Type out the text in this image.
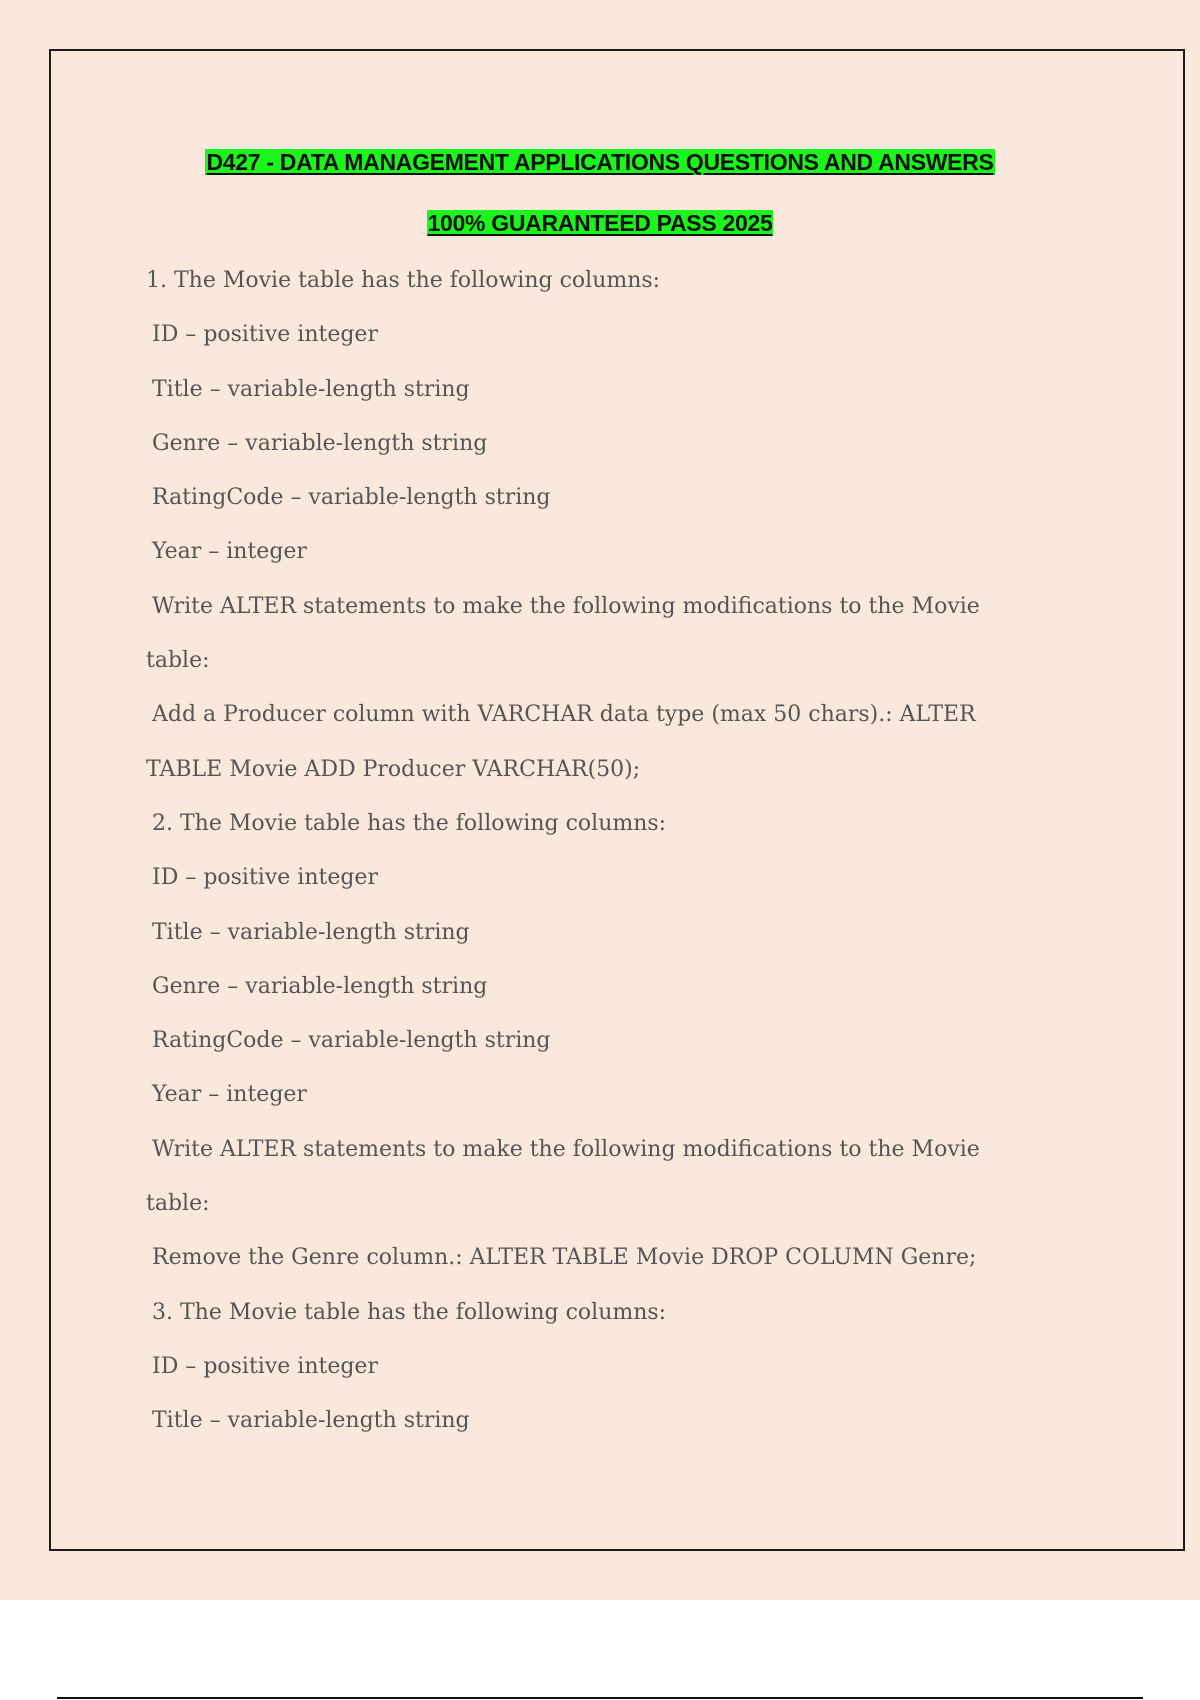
D427 - DATA MANAGEMENT APPLICATIONS QUESTIONS AND ANSWERS
100% GUARANTEED PASS 2025
1. The Movie table has the following columns:
ID – positive integer
Title – variable-length string
Genre – variable-length string
RatingCode – variable-length string
Year – integer
Write ALTER statements to make the following modifications to the Movie
table:
Add a Producer column with VARCHAR data type (max 50 chars).: ALTER
TABLE Movie ADD Producer VARCHAR(50);
2. The Movie table has the following columns:
ID – positive integer
Title – variable-length string
Genre – variable-length string
RatingCode – variable-length string
Year – integer
Write ALTER statements to make the following modifications to the Movie
table:
Remove the Genre column.: ALTER TABLE Movie DROP COLUMN Genre;
3. The Movie table has the following columns:
ID – positive integer
Title – variable-length string
